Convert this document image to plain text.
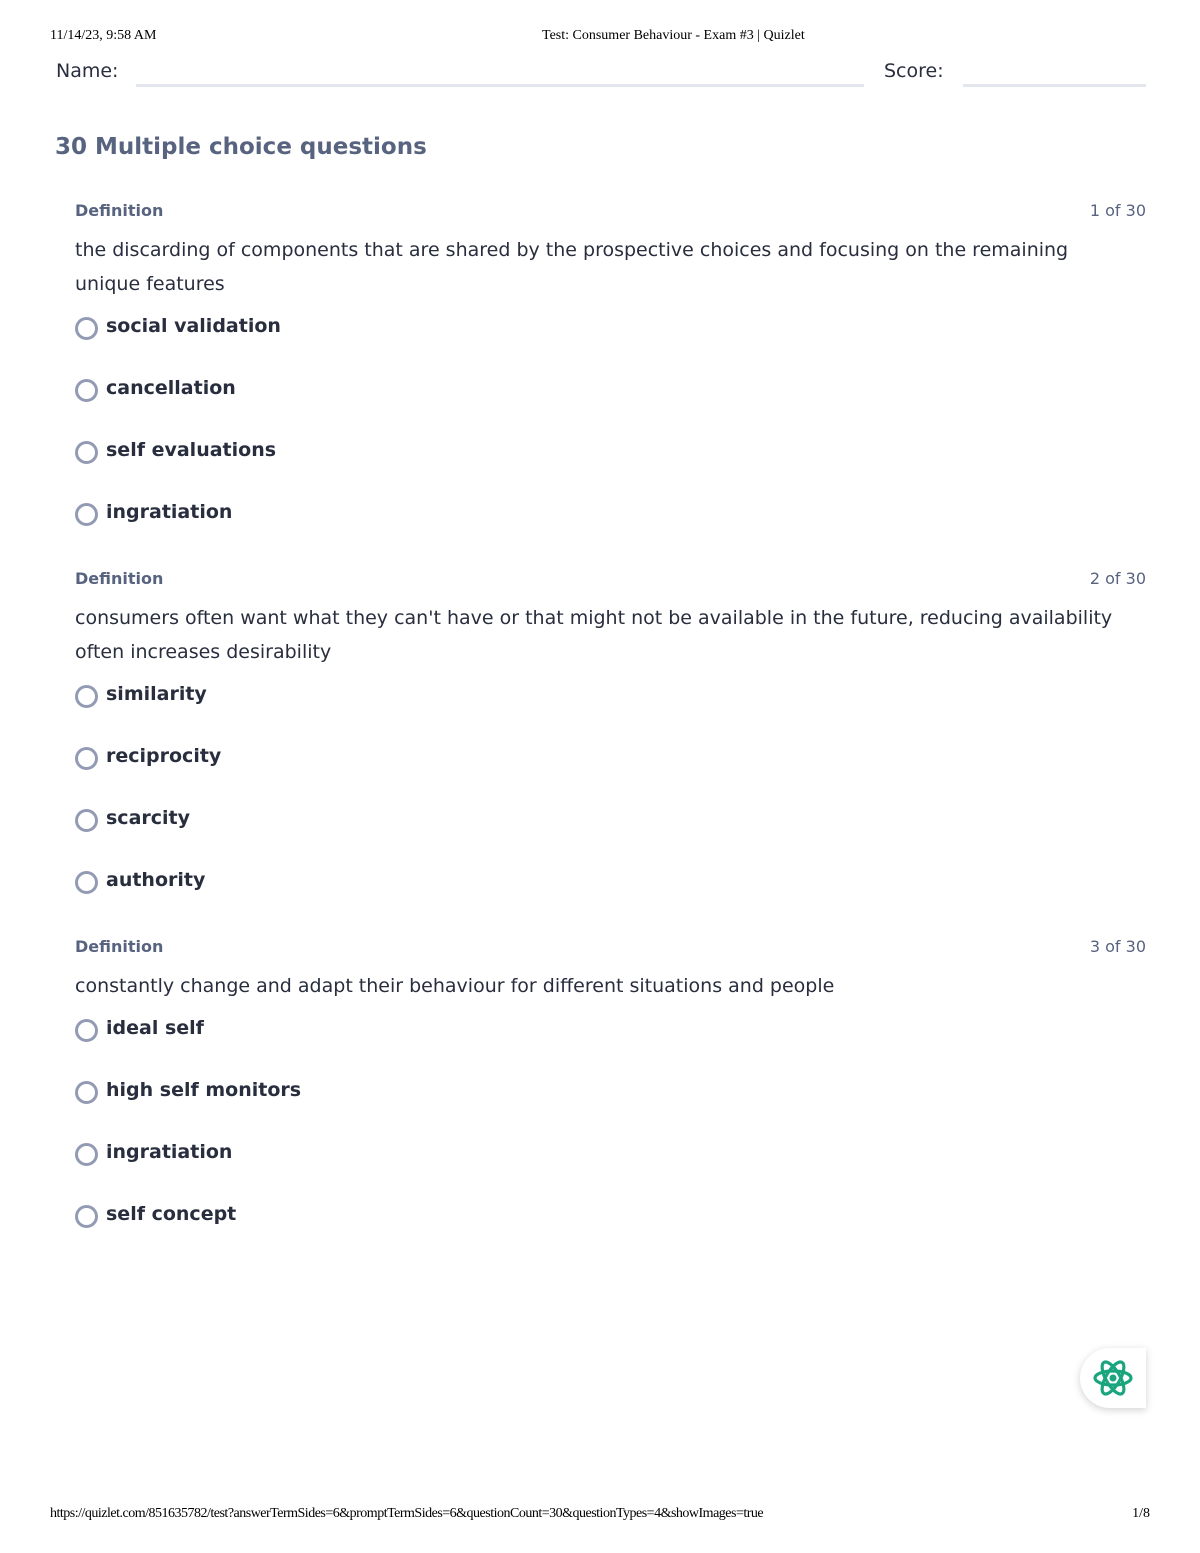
11/14/23, 9:58 AM	Test: Consumer Behaviour - Exam #3 | Quizlet
Name:	Score:
30 Multiple choice questions
Definition	1 of 30
the discarding of components that are shared by the prospective choices and focusing on the remaining unique features
social validation
cancellation
self evaluations
ingratiation
Definition	2 of 30
consumers often want what they can't have or that might not be available in the future, reducing availability often increases desirability
similarity
reciprocity
scarcity
authority
Definition	3 of 30
constantly change and adapt their behaviour for different situations and people
ideal self
high self monitors
ingratiation
self concept
https://quizlet.com/851635782/test?answerTermSides=6&promptTermSides=6&questionCount=30&questionTypes=4&showImages=true	1/8
